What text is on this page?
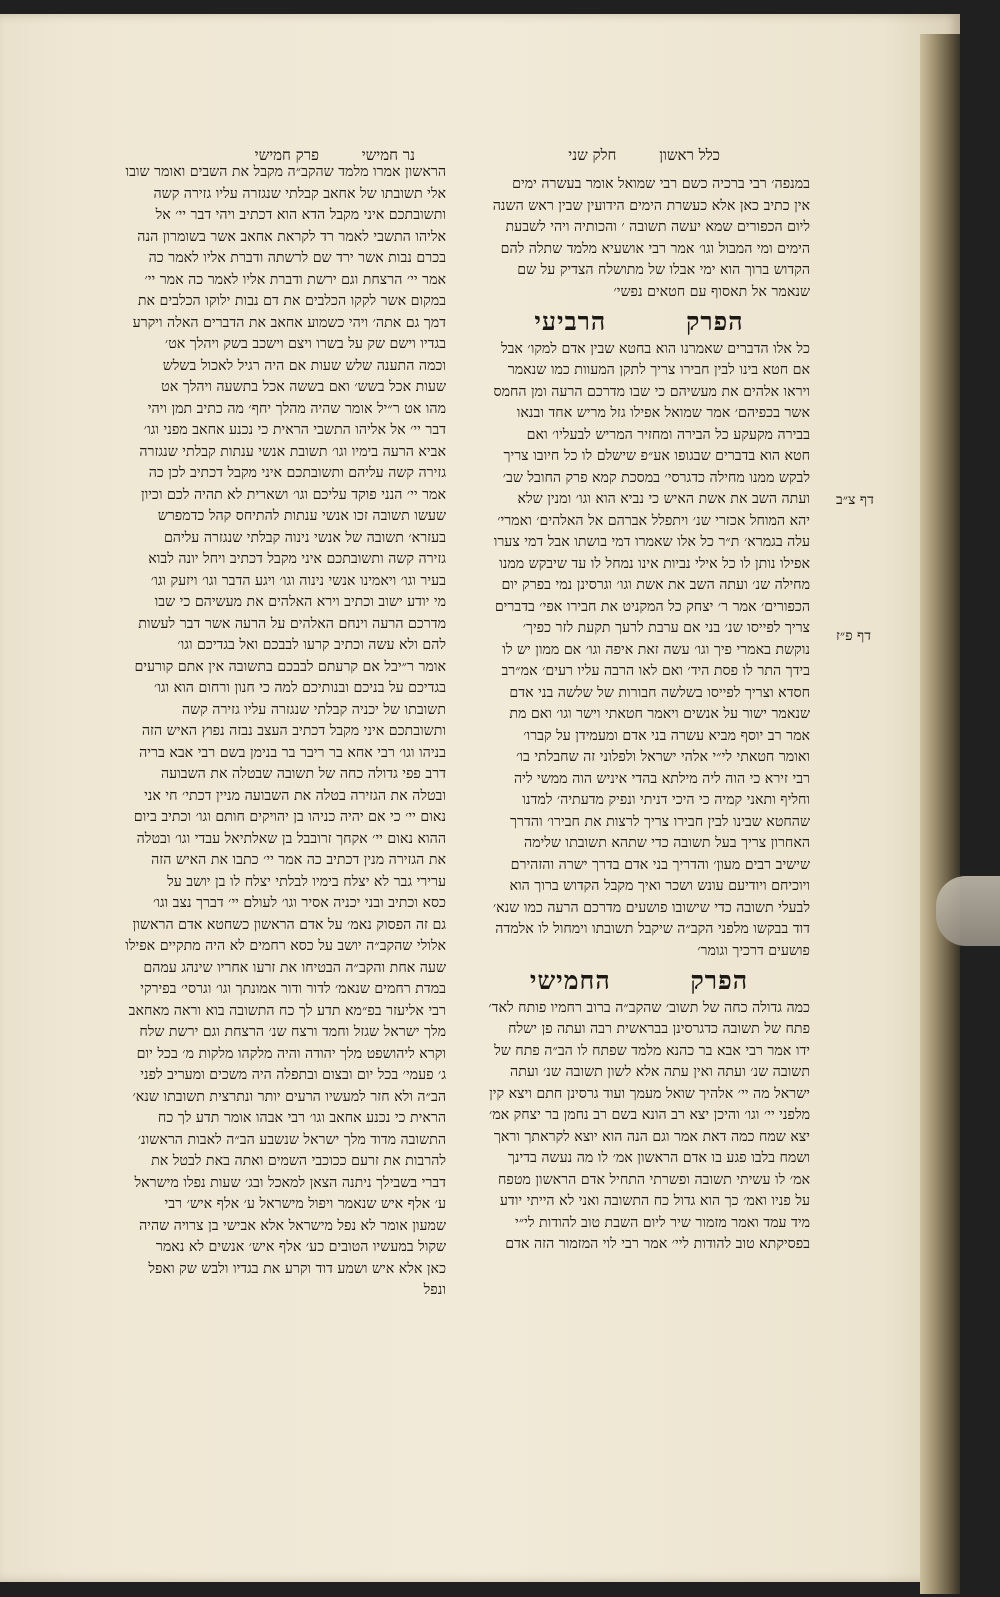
כלל ראשון חלק שני
נר חמישי פרק חמישי
במנפה׳ רבי ברכיה כשם רבי שמואל אומר בעשרה ימים
אין כתיב כאן אלא כעשרת הימים הידועין שבין ראש השנה
ליום הכפורים שמא יעשה תשובה ׳ והכותיה ויהי לשבעת
הימים ומי המבול וגו׳ אמר רבי אושעיא מלמד שתלה להם
הקדוש ברוך הוא ימי אבלו של מתושלח הצדיק על שם
שנאמר אל תאסוף עם חטאים נפשי׳
הפרק הרביעי
כל אלו הדברים שאמרנו הוא בחטא שבין אדם למקו׳ אבל
אם חטא בינו לבין חבירו צריך לתקן המעוות כמו שנאמר
ויראו אלהים את מעשיהם כי שבו מדרכם הרעה ומן החמס
אשר בכפיהם׳ אמר שמואל אפילו גזל מריש אחד ובנאו
בבירה מקעקע כל הבירה ומחזיר המריש לבעליו׳ ואם
חטא הוא בדברים שבגופו אע״פ שישלם לו כל חיובו צריך
לבקש ממנו מחילה כדגרסי׳ במסכת קמא פרק החובל שב׳
ועתה השב את אשת האיש כי נביא הוא וגו׳ ומנין שלא
יהא המוחל אכזרי שנ׳ ויתפלל אברהם אל האלהים׳ ואמרי׳
עלה בגמרא׳ ת״ר כל אלו שאמרו דמי בושתו אבל דמי צערו
אפילו נותן לו כל אילי נביות אינו נמחל לו עד שיבקש ממנו
מחילה שנ׳ ועתה השב את אשת וגו׳ וגרסינן נמי בפרק יום
הכפורים׳ אמר ר׳ יצחק כל המקניט את חבירו אפי׳ בדברים
צריך לפייסו שנ׳ בני אם ערבת לרעך תקעת לזר כפיך׳
נוקשת באמרי פיך וגו׳ עשה זאת איפה וגו׳ אם ממון יש לו
בידך התר לו פסת היד׳ ואם לאו הרבה עליו רעים׳ אמ״רב
חסדא וצריך לפייסו בשלשה חבורות של שלשה בני אדם
שנאמר ישור על אנשים ויאמר חטאתי וישר וגו׳ ואם מת
אמר רב יוסף מביא עשרה בני אדם ומעמידן על קברו׳
ואומר חטאתי לי״י אלהי ישראל ולפלוני זה שחבלתי בו׳
רבי זירא כי הוה ליה מילתא בהדי איניש הוה ממשי ליה
וחליף ותאני קמיה כי היכי דניתי ונפיק מדעתיה׳ למדנו
שהחטא שבינו לבין חבירו צריך לרצות את חבירו׳ והדרך
האחרון צריך בעל תשובה כדי שתהא תשובתו שלימה
שישיב רבים מעון׳ והדריך בני אדם בדרך ישרה והזהירם
ויוכיחם ויודיעם עונש ושכר ואיך מקבל הקדוש ברוך הוא
לבעלי תשובה כדי שישובו פושעים מדרכם הרעה כמו שנא׳
דוד בבקשו מלפני הקב״ה שיקבל תשובתו וימחול לו אלמדה
פושעים דרכיך וגומר׳
הפרק החמישי
כמה גדולה כחה של תשוב׳ שהקב״ה ברוב רחמיו פותח לאד׳
פתח של תשובה כדגרסינן בבראשית רבה ועתה פן ישלח
ידו אמר רבי אבא בר כהנא מלמד שפתח לו הב״ה פתח של
תשובה שנ׳ ועתה ואין עתה אלא לשון תשובה שנ׳ ועתה
ישראל מה יי׳ אלהיך שואל מעמך ועוד גרסינן חתם ויצא קין
מלפני יי׳ וגו׳ והיכן יצא רב הונא בשם רב נחמן בר יצחק אמ׳
יצא שמח כמה דאת אמר וגם הנה הוא יוצא לקראתך וראך
ושמח בלבו פגע בו אדם הראשון אמ׳ לו מה נעשה בדינך
אמ׳ לו עשיתי תשובה ופשרתי התחיל אדם הראשון מטפח
על פניו ואמ׳ כך הוא גדול כח התשובה ואני לא הייתי יודע
מיד עמד ואמר מזמור שיר ליום השבת טוב להודות לי״י
בפסיקתא טוב להודות ליי׳ אמר רבי לוי המזמור הזה אדם
הראשון אמרו מלמד שהקב״ה מקבל את השבים ואומר שובו
אלי תשובתו של אחאב קבלתי שנגזרה עליו גזירה קשה
ותשובתכם איני מקבל הדא הוא דכתיב ויהי דבר יי׳ אל
אליהו התשבי לאמר רד לקראת אחאב אשר בשומרון הנה
בכרם נבות אשר ירד שם לרשתה ודברת אליו לאמר כה
אמר יי׳ הרצחת וגם ירשת ודברת אליו לאמר כה אמר יי׳
במקום אשר לקקו הכלבים את דם נבות ילוקו הכלבים את
דמך גם אתה׳ ויהי כשמוע אחאב את הדברים האלה ויקרע
בגדיו וישם שק על בשרו ויצם וישכב בשק ויהלך אט׳
וכמה התענה שלש שעות אם היה רגיל לאכול בשלש
שעות אכל בשש׳ ואם בששה אכל בתשעה ויהלך אט
מהו אט ר״יל אומר שהיה מהלך יחף׳ מה כתיב תמן ויהי
דבר יי׳ אל אליהו התשבי הראית כי נכנע אחאב מפני וגו׳
אביא הרעה בימיו וגו׳ תשובת אנשי ענתות קבלתי שנגזרה
גזירה קשה עליהם ותשובתכם איני מקבל דכתיב לכן כה
אמר יי׳ הנני פוקד עליכם וגו׳ ושארית לא תהיה לכם וכיון
שעשו תשובה זכו אנשי ענתות להתיחס קהל כדמפרש
בעזרא׳ תשובה של אנשי נינוה קבלתי שנגזרה עליהם
גזירה קשה ותשובתכם איני מקבל דכתיב ויחל יונה לבוא
בעיר וגו׳ ויאמינו אנשי נינוה וגו׳ ויגע הדבר וגו׳ ויזעק וגו׳
מי יודע ישוב וכתיב וירא האלהים את מעשיהם כי שבו
מדרכם הרעה וינחם האלהים על הרעה אשר דבר לעשות
להם ולא עשה וכתיב קרעו לבבכם ואל בגדיכם וגו׳
אומר ר״יבל אם קרעתם לבבכם בתשובה אין אתם קורעים
בגדיכם על בניכם ובנותיכם למה כי חנון ורחום הוא וגו׳
תשובתו של יכניה קבלתי שנגזרה עליו גזירה קשה
ותשובתכם איני מקבל דכתיב העצב נבזה נפוץ האיש הזה
בניהו וגו׳ רבי אחא בר ריבר בר בנימן בשם רבי אבא בריה
דרב פפי גדולה כחה של תשובה שבטלה את השבועה
ובטלה את הגזירה בטלה את השבועה מניין דכתי׳ חי אני
נאום יי׳ כי אם יהיה כניהו בן יהויקים חותם וגו׳ וכתיב ביום
ההוא נאום יי׳ אקחך זרובבל בן שאלתיאל עבדי וגו׳ ובטלה
את הגזירה מנין דכתיב כה אמר יי׳ כתבו את האיש הזה
ערירי גבר לא יצלח בימיו לבלתי יצלח לו בן יושב על
כסא וכתיב ובני יכניה אסיר וגו׳ לעולם יי׳ דברך נצב וגו׳
גם זה הפסוק נאמ׳ על אדם הראשון כשחטא אדם הראשון
אלולי שהקב״ה יושב על כסא רחמים לא היה מתקיים אפילו
שעה אחת והקב״ה הבטיחו את זרעו אחריו שינהג עמהם
במדת רחמים שנאמ׳ לדור ודור אמונתך וגו׳ וגרסי׳ בפירקי
רבי אליעזר בפ״מא תדע לך כח התשובה בוא וראה מאחאב
מלך ישראל שגזל וחמד ורצח שנ׳ הרצחת וגם ירשת שלח
וקרא ליהושפט מלך יהודה והיה מלקהו מלקות מ׳ בכל יום
ג׳ פעמי׳ בכל יום ובצום ובתפלה היה משכים ומעריב לפני
הב״ה ולא חזר למעשיו הרעים יותר ונתרצית תשובתו שנא׳
הראית כי נכנע אחאב וגו׳ רבי אבהו אומר תדע לך כח
התשובה מדוד מלך ישראל שנשבע הב״ה לאבות הראשונ׳
להרבות את זרעם ככוכבי השמים ואתה באת לבטל את
דברי בשבילך ניתנה הצאן למאכל ובג׳ שעות נפלו מישראל
ע׳ אלף איש שנאמר ויפול מישראל ע׳ אלף איש׳ רבי
שמעון אומר לא נפל מישראל אלא אבישי בן צרויה שהיה
שקול במעשיו הטובים כע׳ אלף איש׳ אנשים לא נאמר
כאן אלא איש ושמע דוד וקרע את בגדיו ולבש שק ואפל
ונפל
דף צ״ב
דף פ״ז
